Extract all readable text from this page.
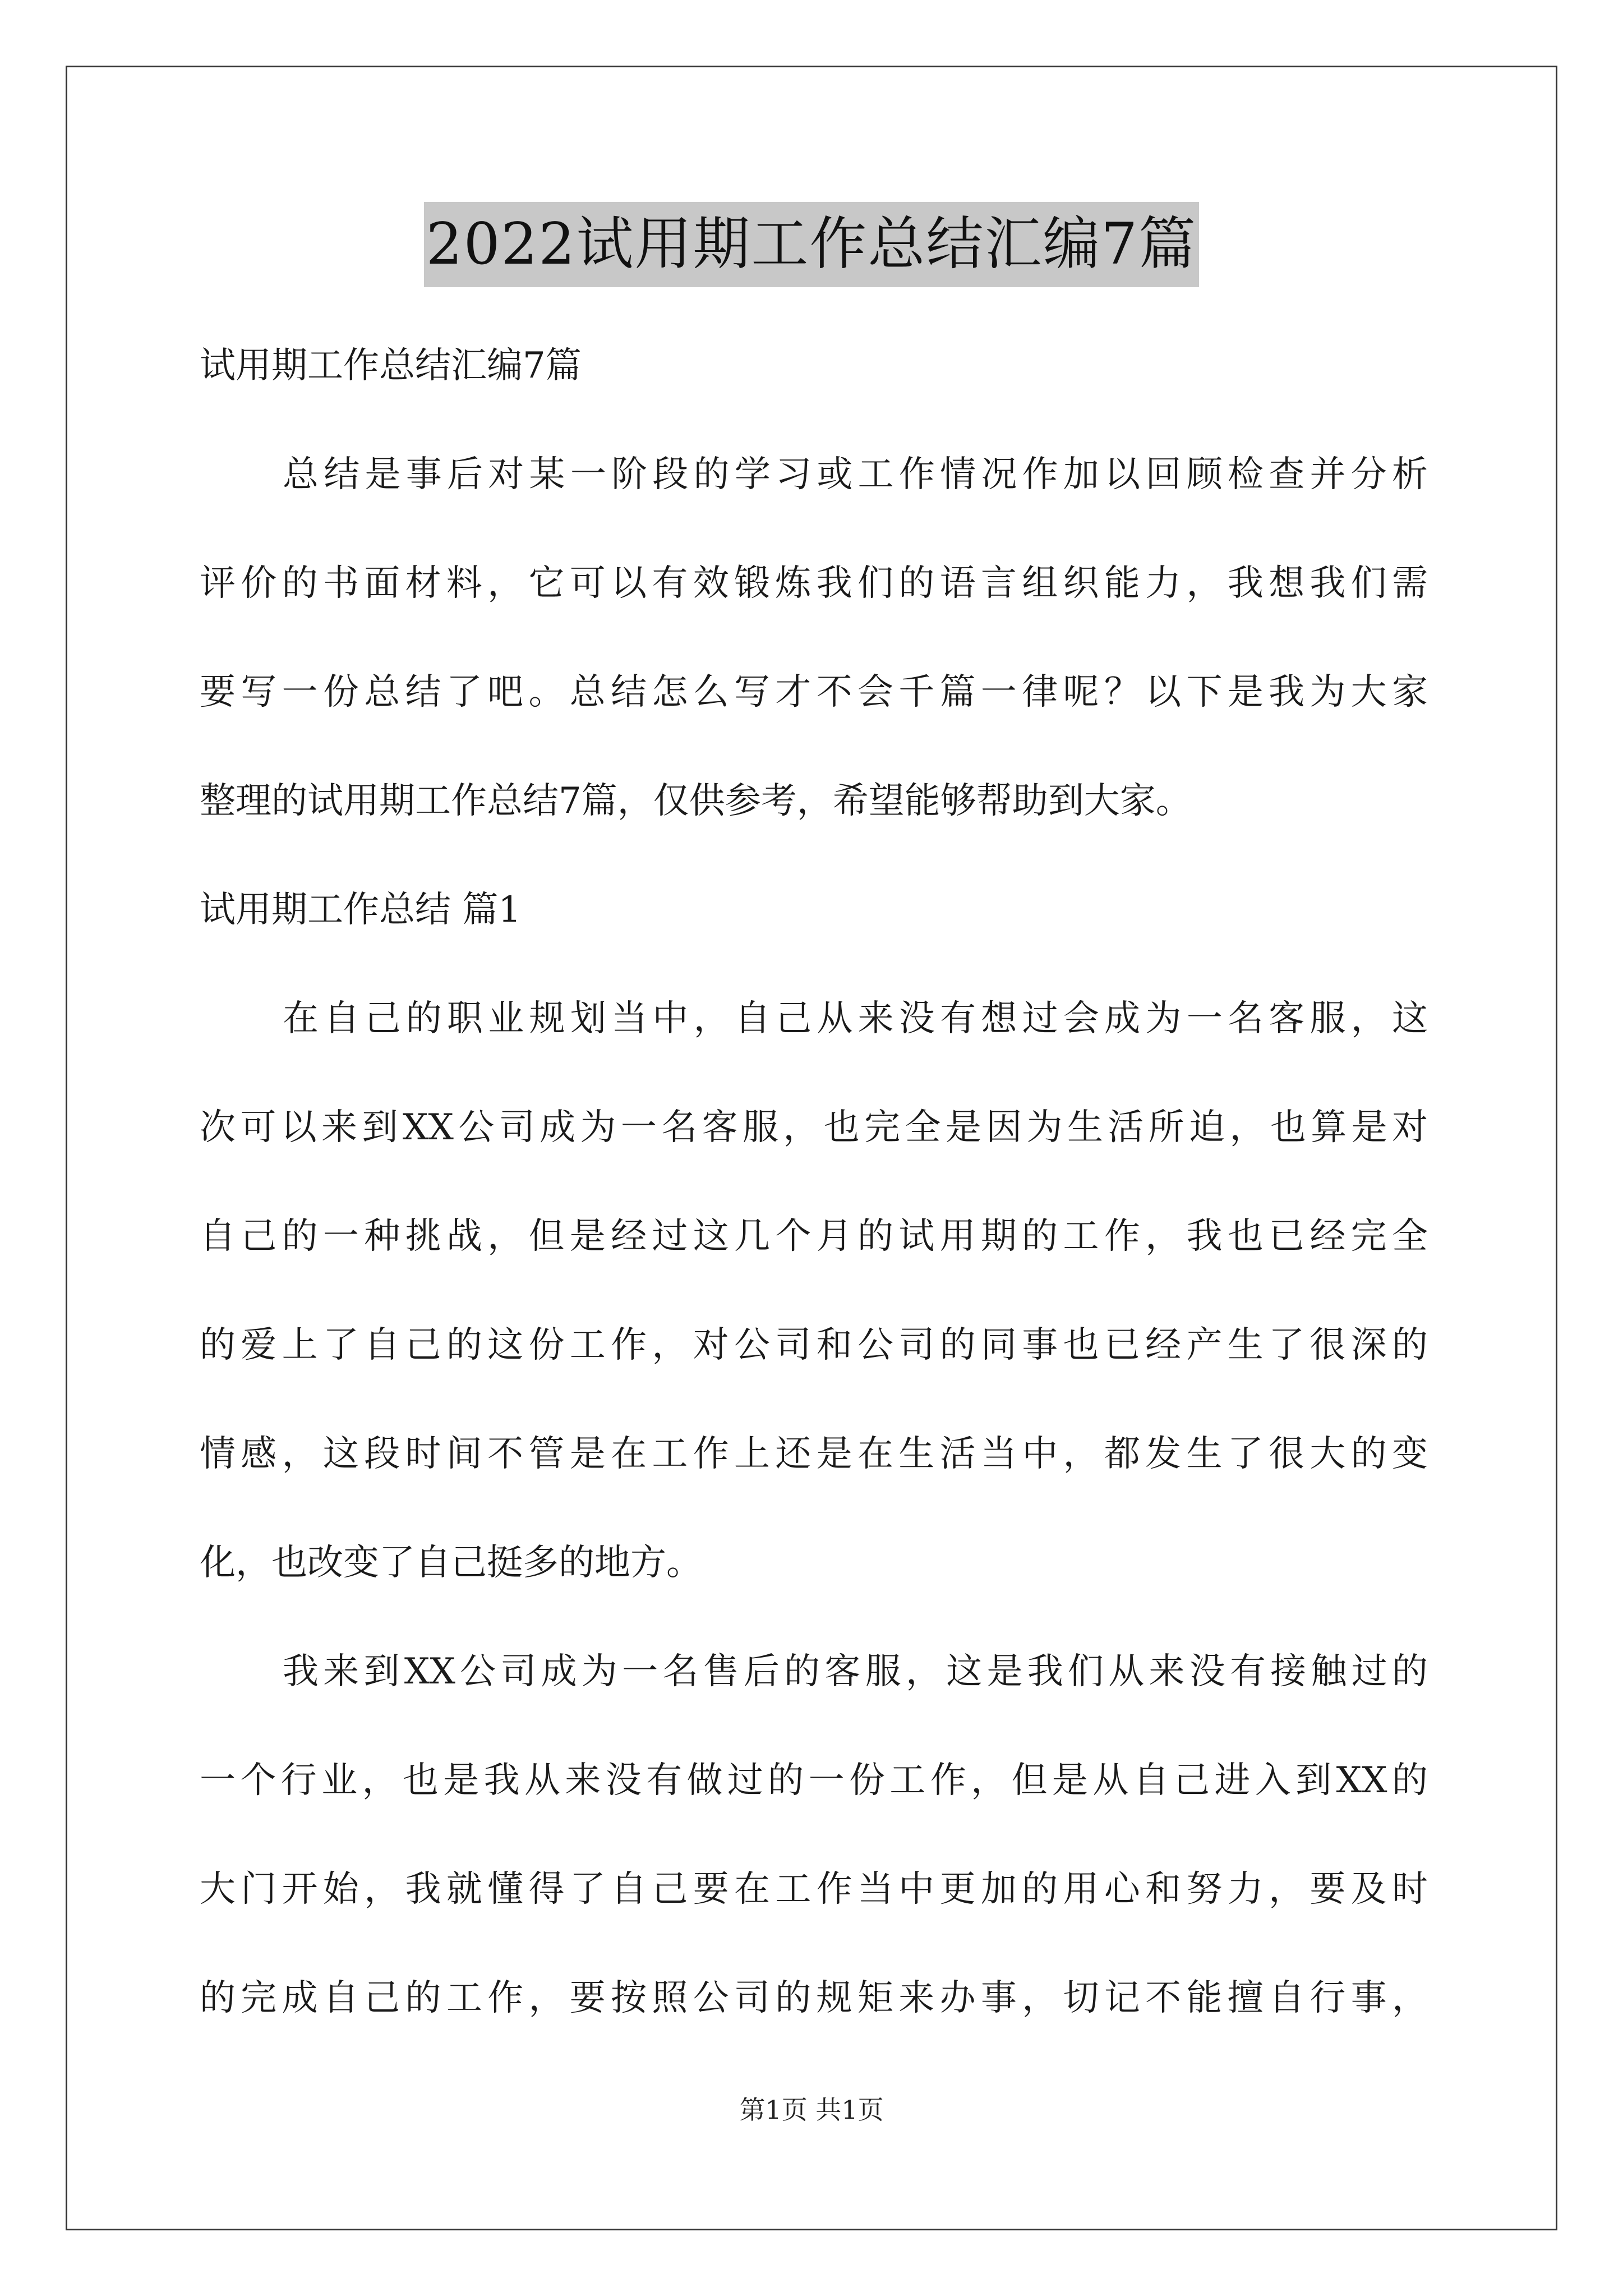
2022试用期工作总结汇编7篇
试用期工作总结汇编7篇
总结是事后对某一阶段的学习或工作情况作加以回顾检查并分析
评价的书面材料，它可以有效锻炼我们的语言组织能力，我想我们需
要写一份总结了吧。总结怎么写才不会千篇一律呢？以下是我为大家
整理的试用期工作总结7篇，仅供参考，希望能够帮助到大家。
试用期工作总结 篇1
在自己的职业规划当中，自己从来没有想过会成为一名客服，这
次可以来到XX公司成为一名客服，也完全是因为生活所迫，也算是对
自己的一种挑战，但是经过这几个月的试用期的工作，我也已经完全
的爱上了自己的这份工作，对公司和公司的同事也已经产生了很深的
情感，这段时间不管是在工作上还是在生活当中，都发生了很大的变
化，也改变了自己挺多的地方。
我来到XX公司成为一名售后的客服，这是我们从来没有接触过的
一个行业，也是我从来没有做过的一份工作，但是从自己进入到XX的
大门开始，我就懂得了自己要在工作当中更加的用心和努力，要及时
的完成自己的工作，要按照公司的规矩来办事，切记不能擅自行事，
第1页 共1页
